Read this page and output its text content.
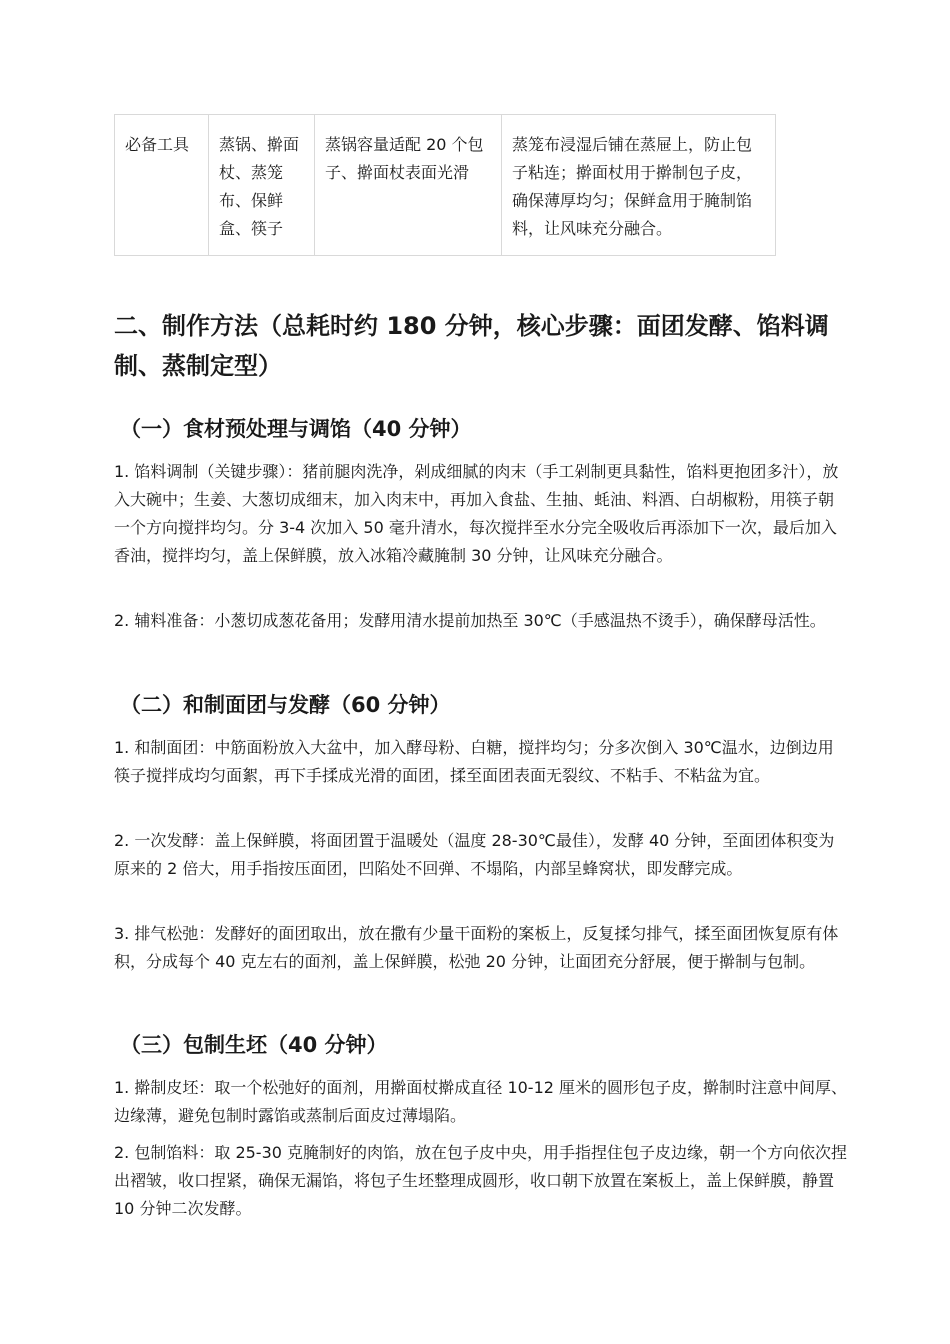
必备工具	蒸锅、擀面杖、蒸笼布、保鲜盒、筷子	蒸锅容量适配 20 个包子、擀面杖表面光滑	蒸笼布浸湿后铺在蒸屉上，防止包子粘连；擀面杖用于擀制包子皮，确保薄厚均匀；保鲜盒用于腌制馅料，让风味充分融合。
二、制作方法（总耗时约 180 分钟，核心步骤：面团发酵、馅料调制、蒸制定型）
（一）食材预处理与调馅（40 分钟）

1. 馅料调制（关键步骤）：猪前腿肉洗净，剁成细腻的肉末（手工剁制更具黏性，馅料更抱团多汁），放入大碗中；生姜、大葱切成细末，加入肉末中，再加入食盐、生抽、蚝油、料酒、白胡椒粉，用筷子朝一个方向搅拌均匀。分 3-4 次加入 50 毫升清水，每次搅拌至水分完全吸收后再添加下一次，最后加入香油，搅拌均匀，盖上保鲜膜，放入冰箱冷藏腌制 30 分钟，让风味充分融合。

2. 辅料准备：小葱切成葱花备用；发酵用清水提前加热至 30℃（手感温热不烫手），确保酵母活性。

（二）和制面团与发酵（60 分钟）

1. 和制面团：中筋面粉放入大盆中，加入酵母粉、白糖，搅拌均匀；分多次倒入 30℃温水，边倒边用筷子搅拌成均匀面絮，再下手揉成光滑的面团，揉至面团表面无裂纹、不粘手、不粘盆为宜。

2. 一次发酵：盖上保鲜膜，将面团置于温暖处（温度 28-30℃最佳），发酵 40 分钟，至面团体积变为原来的 2 倍大，用手指按压面团，凹陷处不回弹、不塌陷，内部呈蜂窝状，即发酵完成。

3. 排气松弛：发酵好的面团取出，放在撒有少量干面粉的案板上，反复揉匀排气，揉至面团恢复原有体积，分成每个 40 克左右的面剂，盖上保鲜膜，松弛 20 分钟，让面团充分舒展，便于擀制与包制。

（三）包制生坯（40 分钟）

1. 擀制皮坯：取一个松弛好的面剂，用擀面杖擀成直径 10-12 厘米的圆形包子皮，擀制时注意中间厚、边缘薄，避免包制时露馅或蒸制后面皮过薄塌陷。

2. 包制馅料：取 25-30 克腌制好的肉馅，放在包子皮中央，用手指捏住包子皮边缘，朝一个方向依次捏出褶皱，收口捏紧，确保无漏馅，将包子生坯整理成圆形，收口朝下放置在案板上，盖上保鲜膜，静置 10 分钟二次发酵。
